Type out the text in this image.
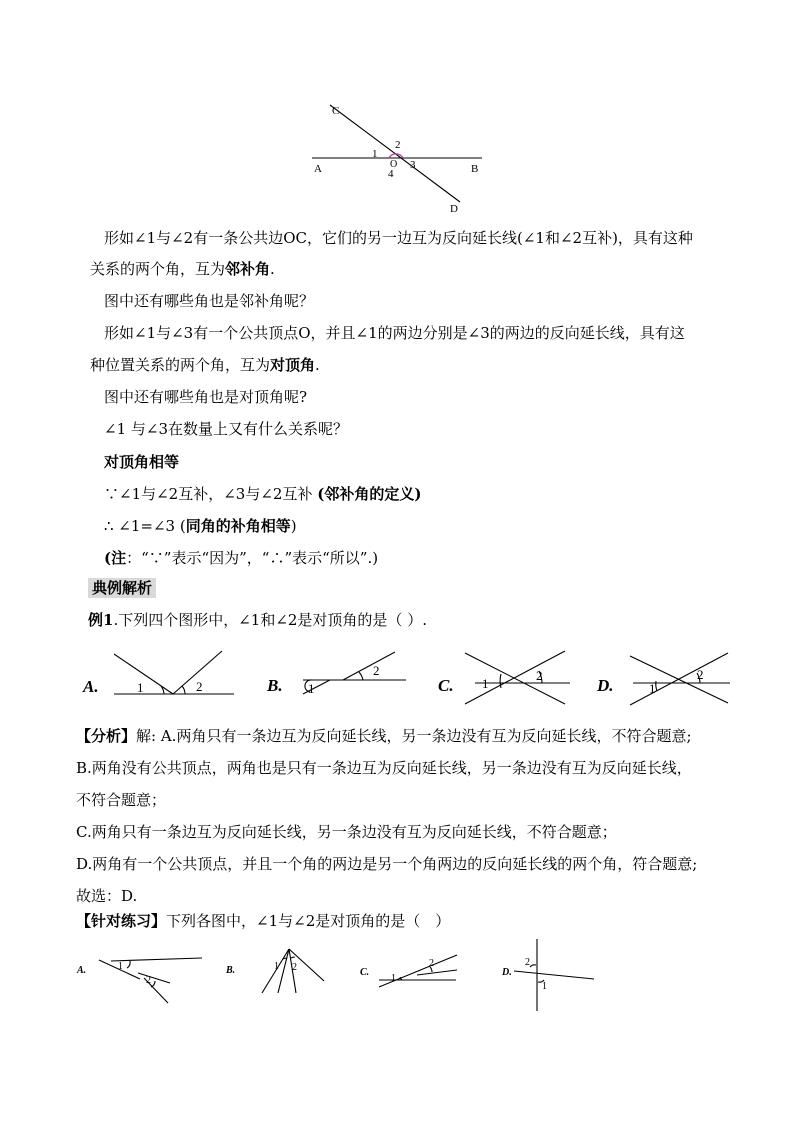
C
A	B
D
1
2
3
4
O
形如∠1与∠2有一条公共边OC，它们的另一边互为反向延长线(∠1和∠2互补)，具有这种
关系的两个角，互为邻补角.
图中还有哪些角也是邻补角呢？
形如∠1与∠3有一个公共顶点O，并且∠1的两边分别是∠3的两边的反向延长线，具有这
种位置关系的两个角，互为对顶角.
图中还有哪些角也是对顶角呢?
∠1 与∠3在数量上又有什么关系呢？
对顶角相等
∵∠1与∠2互补，∠3与∠2互补 (邻补角的定义)
∴ ∠1=∠3 (同角的补角相等)
(注：“∵”表示“因为”，“∴”表示“所以”.)
典例解析
例1.下列四个图形中，∠1和∠2是对顶角的是（ ）.
A.	1	2	B. 1
2
C. 1
2
D.	1
2
【分析】解: A.两角只有一条边互为反向延长线，另一条边没有互为反向延长线，不符合题意;
B.两角没有公共顶点，两角也是只有一条边互为反向延长线，另一条边没有互为反向延长线，
不符合题意；
C.两角只有一条边互为反向延长线，另一条边没有互为反向延长线，不符合题意；
D.两角有一个公共顶点，并且一个角的两边是另一个角两边的反向延长线的两个角，符合题意;
故选：D.
【针对练习】下列各图中，∠1与∠2是对顶角的是（　）
A.	1
2
B.	1 2	C.
1
2
D.
2
1
